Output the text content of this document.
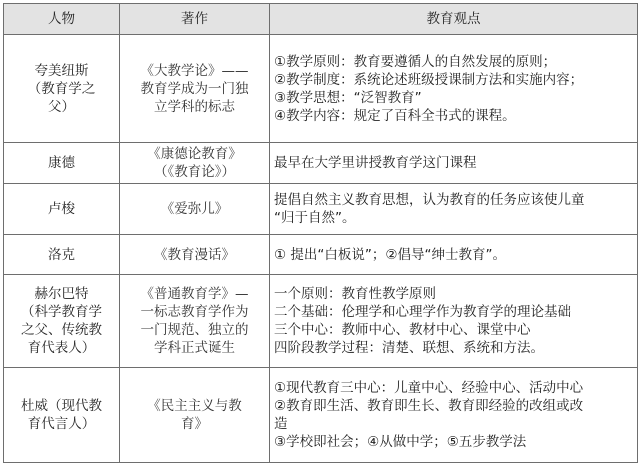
人物	著作	教育观点

夸美纽斯
（教育学之
父）	《大教学论》——
教育学成为一门独
立学科的标志	①教学原则：教育要遵循人的自然发展的原则；
②教学制度：系统论述班级授课制方法和实施内容；
③教学思想：“泛智教育”
④教学内容：规定了百科全书式的课程。

康德	《康德论教育》
（《教育论》）	最早在大学里讲授教育学这门课程

卢梭	《爱弥儿》	提倡自然主义教育思想，认为教育的任务应该使儿童
“归于自然”。

洛克	《教育漫话》	① 提出“白板说”；②倡导“绅士教育”。

赫尔巴特
（科学教育学
之父、传统教
育代表人）	《普通教育学》—
一标志教育学作为
一门规范、独立的
学科正式诞生	一个原则：教育性教学原则
二个基础：伦理学和心理学作为教育学的理论基础
三个中心：教师中心、教材中心、课堂中心
四阶段教学过程：清楚、联想、系统和方法。

杜威（现代教
育代言人）	《民主主义与教
育》	①现代教育三中心：儿童中心、经验中心、活动中心
②教育即生活、教育即生长、教育即经验的改组或改
造
③学校即社会；④从做中学；⑤五步教学法
